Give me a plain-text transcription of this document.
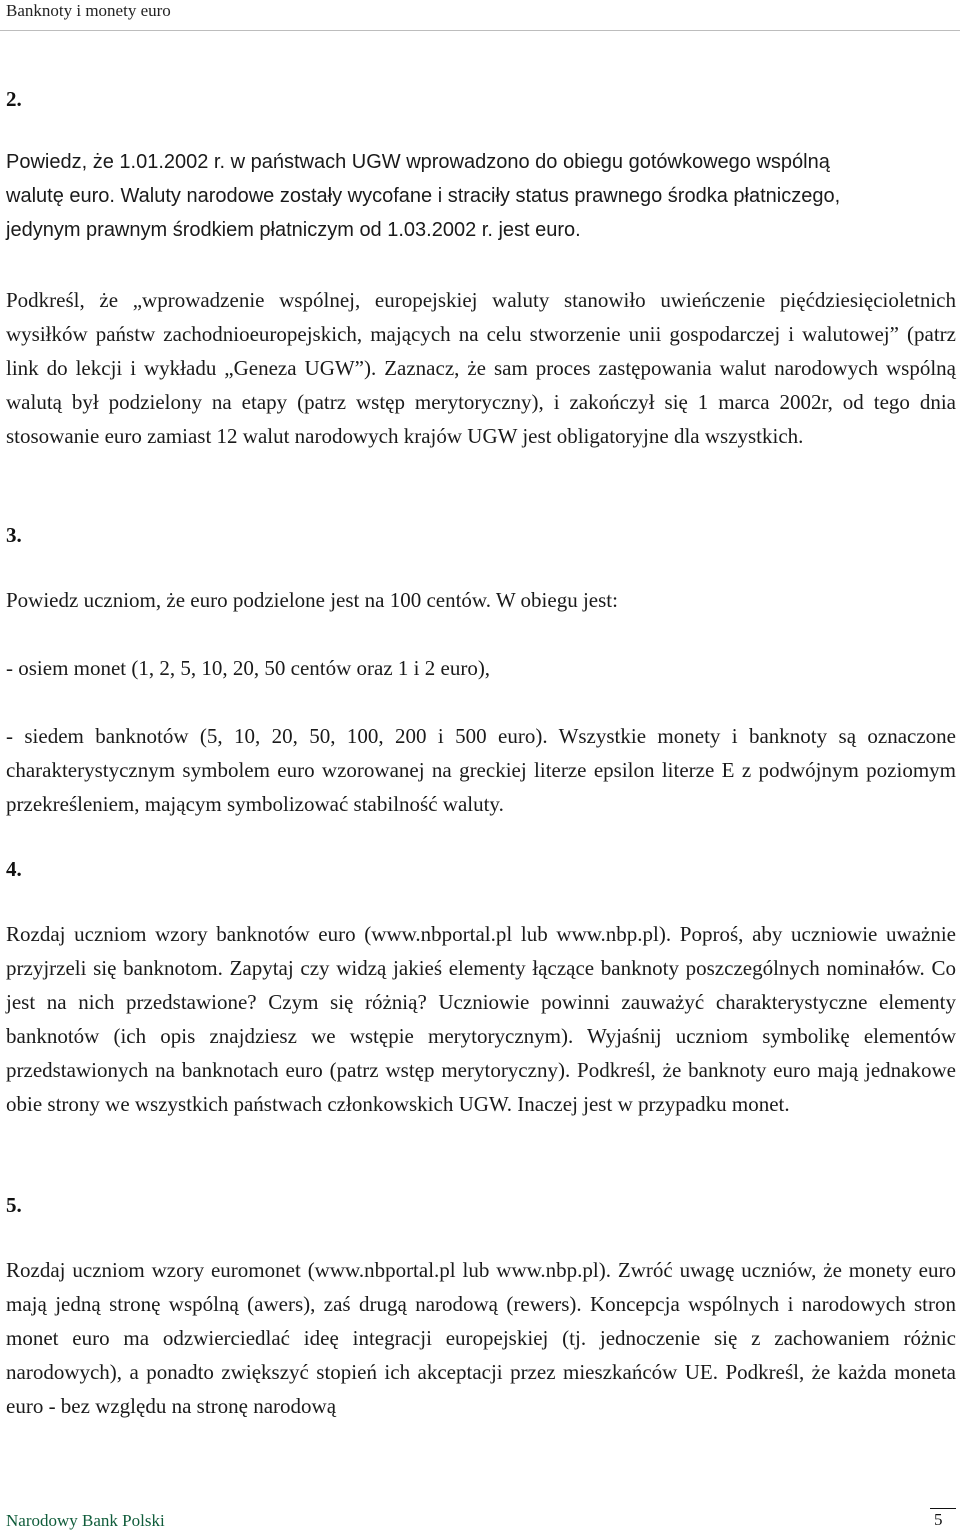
Banknoty i monety euro
2.
Powiedz, że 1.01.2002 r. w państwach UGW wprowadzono do obiegu gotówkowego wspólną
walutę euro. Waluty narodowe zostały wycofane i straciły status prawnego środka płatniczego,
jedynym prawnym środkiem płatniczym od 1.03.2002 r. jest euro.
Podkreśl, że „wprowadzenie wspólnej, europejskiej waluty stanowiło uwieńczenie pięćdziesięcioletnich wysiłków państw zachodnioeuropejskich, mających na celu stworzenie unii gospodarczej i walutowej” (patrz link do lekcji i wykładu „Geneza UGW”). Zaznacz, że sam proces zastępowania walut narodowych wspólną walutą był podzielony na etapy (patrz wstęp merytoryczny), i zakończył się 1 marca 2002r, od tego dnia stosowanie euro zamiast 12 walut narodowych krajów UGW jest obligatoryjne dla wszystkich.
3.
Powiedz uczniom, że euro podzielone jest na 100 centów. W obiegu jest:
- osiem monet (1, 2, 5, 10, 20, 50 centów oraz 1 i 2 euro),
- siedem banknotów (5, 10, 20, 50, 100, 200 i 500 euro). Wszystkie monety i banknoty są oznaczone charakterystycznym symbolem euro wzorowanej na greckiej literze epsilon literze E z podwójnym poziomym przekreśleniem, mającym symbolizować stabilność waluty.
4.
Rozdaj uczniom wzory banknotów euro (www.nbportal.pl lub www.nbp.pl). Poproś, aby uczniowie uważnie przyjrzeli się banknotom. Zapytaj czy widzą jakieś elementy łączące banknoty poszczególnych nominałów. Co jest na nich przedstawione? Czym się różnią? Uczniowie powinni zauważyć charakterystyczne elementy banknotów (ich opis znajdziesz we wstępie merytorycznym). Wyjaśnij uczniom symbolikę elementów przedstawionych na banknotach euro (patrz wstęp merytoryczny). Podkreśl, że banknoty euro mają jednakowe obie strony we wszystkich państwach członkowskich UGW. Inaczej jest w przypadku monet.
5.
Rozdaj uczniom wzory euromonet (www.nbportal.pl lub www.nbp.pl). Zwróć uwagę uczniów, że monety euro mają jedną stronę wspólną (awers), zaś drugą narodową (rewers). Koncepcja wspólnych i narodowych stron monet euro ma odzwierciedlać ideę integracji europejskiej (tj. jednoczenie się z zachowaniem różnic narodowych), a ponadto zwiększyć stopień ich akceptacji przez mieszkańców UE. Podkreśl, że każda moneta euro - bez względu na stronę narodową
Narodowy Bank Polski	5
